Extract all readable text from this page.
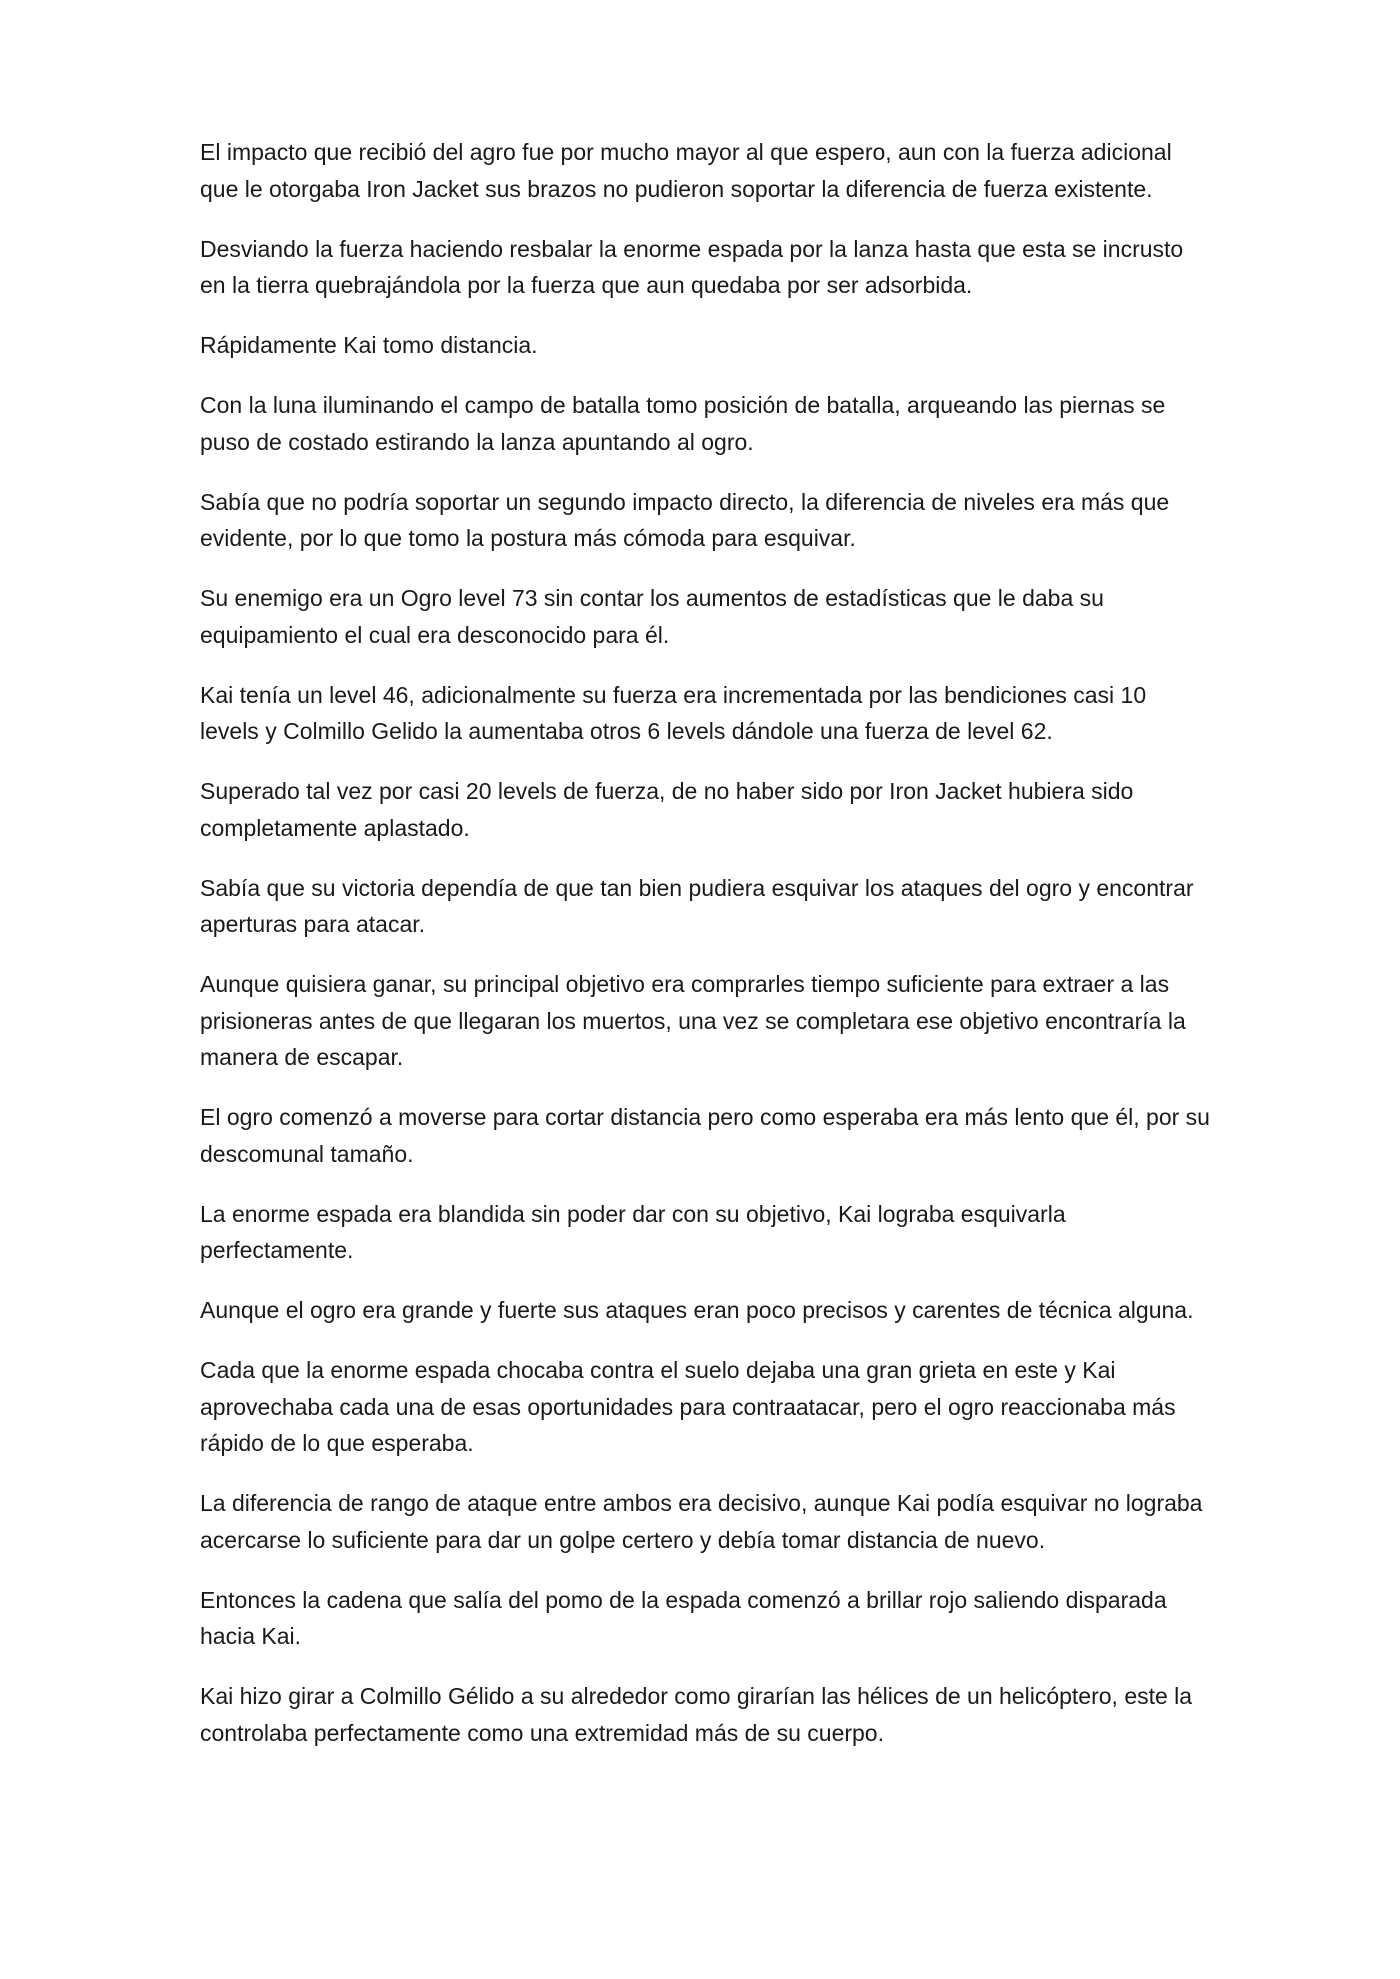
El impacto que recibió del agro fue por mucho mayor al que espero, aun con la fuerza adicional que le otorgaba Iron Jacket sus brazos no pudieron soportar la diferencia de fuerza existente.

Desviando la fuerza haciendo resbalar la enorme espada por la lanza hasta que esta se incrusto en la tierra quebrajándola por la fuerza que aun quedaba por ser adsorbida.

Rápidamente Kai tomo distancia.

Con la luna iluminando el campo de batalla tomo posición de batalla, arqueando las piernas se puso de costado estirando la lanza apuntando al ogro.

Sabía que no podría soportar un segundo impacto directo, la diferencia de niveles era más que evidente, por lo que tomo la postura más cómoda para esquivar.

Su enemigo era un Ogro level 73 sin contar los aumentos de estadísticas que le daba su equipamiento el cual era desconocido para él.

Kai tenía un level 46, adicionalmente su fuerza era incrementada por las bendiciones casi 10 levels y Colmillo Gelido la aumentaba otros 6 levels dándole una fuerza de level 62.

Superado tal vez por casi 20 levels de fuerza, de no haber sido por Iron Jacket hubiera sido completamente aplastado.

Sabía que su victoria dependía de que tan bien pudiera esquivar los ataques del ogro y encontrar aperturas para atacar.

Aunque quisiera ganar, su principal objetivo era comprarles tiempo suficiente para extraer a las prisioneras antes de que llegaran los muertos, una vez se completara ese objetivo encontraría la manera de escapar.

El ogro comenzó a moverse para cortar distancia pero como esperaba era más lento que él, por su descomunal tamaño.

La enorme espada era blandida sin poder dar con su objetivo, Kai lograba esquivarla perfectamente.

Aunque el ogro era grande y fuerte sus ataques eran poco precisos y carentes de técnica alguna.

Cada que la enorme espada chocaba contra el suelo dejaba una gran grieta en este y Kai aprovechaba cada una de esas oportunidades para contraatacar, pero el ogro reaccionaba más rápido de lo que esperaba.

La diferencia de rango de ataque entre ambos era decisivo, aunque Kai podía esquivar no lograba acercarse lo suficiente para dar un golpe certero y debía tomar distancia de nuevo.

Entonces la cadena que salía del pomo de la espada comenzó a brillar rojo saliendo disparada hacia Kai.

Kai hizo girar a Colmillo Gélido a su alrededor como girarían las hélices de un helicóptero, este la controlaba perfectamente como una extremidad más de su cuerpo.
